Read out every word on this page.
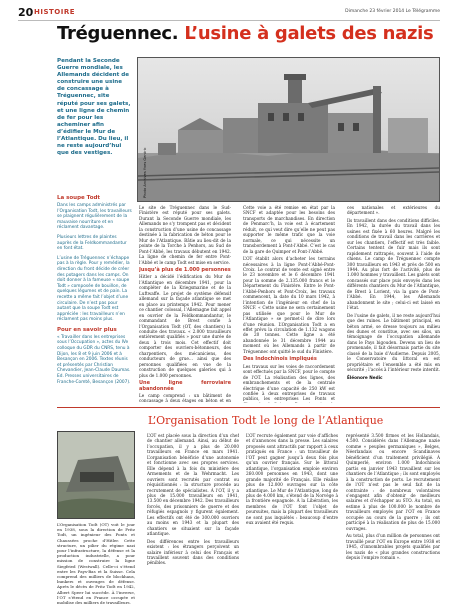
20 HISTOIRE	Dimanche 23 février 2014 Le Télégramme
Tréguennec. L’usine à galets des nazis
Pendant la Seconde Guerre mondiale, les Allemands décident de construire une usine de concassage à Tréguennec, site réputé pour ses galets, et une ligne de chemin de fer pour les acheminer afin d’édifier le Mur de l’Atlantique. Du lieu, il ne reste aujourd’hui que des vestiges.	Photo Archives Yves Gentric
La soupe Todt

Dans les camps administrés par l’Organisation Todt, les travailleurs se plaignent régulièrement de la mauvaise nourriture et en réclament davantage.

Plusieurs lettres de plaintes auprès de la Feldkommandantur en font état.

L’usine de Tréguennec n’échappe pas à la règle. Pour y remédier, la direction du front décide de créer des potagers dans les camps. On doit donner à la fameuse « soupe Todt » composée de bouillon, de quelques légumes et de pain. La recette a même fait l’objet d’une circulaire. De n’est pas pour autant que la soupe Todt est appréciée : les travailleurs n’en réclament pas moins plus.

Pour en savoir plus

« Travailler dans les entreprises sous l’Occupation », actes du IVe colloque du GDR du CNRS, tenu à Dijon, les 8 et 9 juin 2006 et à Besançon en 2006. Textes réunis et présentés par Christian Chevandier, Jean-Claude Daumas. Ed. Presses universitaires de Franche-Comté, Besançon (2007).

Le site de Tréguennec dans le Sud-Finistère est réputé pour ses galets. Durant la Seconde Guerre mondiale, les Allemands ne s’y trompent pas et décident la construction d’une usine de concassage destinée à la fabrication de béton pour le Mur de l’Atlantique. Bâtie au lieu-dit de la pointe de la Torche à Penhors, au Sud de Pont-l’Abbé, les travaux débutent en 1942. La ligne de chemin de fer entre Pont-l’Abbé et le camp Todt est mise en service.

Jusqu’à plus de 1.000 personnes

Hitler a décidé l’édification du Mur de l’Atlantique en décembre 1941, pour la compléter de la Kriegsmarine et de la Luftwaffe. Le projet de système défensif allemand sur la façade atlantique se met en place au printemps 1942. Pour mener ce chantier colossal, l’Allemagne fait appel en ouvrier de la Feldkommandantur, le commandant de Brest confie à l’Organisation Todt (OT, des chantiers) la conduite des travaux. « 2.000 travailleurs entièrement qualifiés » pour une durée de deux à trois mois. Cet effectif doit comporter des ouvriers-bétonneurs, des charpentiers, des mécaniciens, des conducteurs de grue... ainsi que des personnes qualifiées en vue de la construction de quelques galeries qui à plus de 1.000 personnes.

Une ligne ferroviaire abandonnée

Le camp comprend : un bâtiment de concassage à deux étages en béton et en

Cette voie a été remise en état par la SNCF et adaptée pour les besoins des transports de marchandises. En direction de Penmarc’h, la voie est à écartement réduit, ce qui veut dire qu’elle ne peut pas supporter le même trafic que la voie normale, ce qui nécessite un transbordement à Pont-l’Abbé. C’est le cas de la gare de Quimper et Pont-l’Abbé.

L’OT établit alors d’acheter les terrains nécessaires à la ligne Pont-l’Abbé-Pont-Croix. Le contrat de vente est signé entre le 23 novembre et le 6 décembre 1941 pour la somme de 2.135.000 francs et le Département du Finistère. Entre le Pont-l’Abbé-Penhors et Pont-Croix, les travaux commencent, la date du 10 mars 1942, à l’intention de l’ingénieur en chef de la SNCF. « Cette usine ne sera certainement pas utilisée que pour le Mur de l’Atlantique » se permet-il de dire lors d’une réunion. L’Organisation Todt a en effet prévu la circulation de 1.132 wagons de 20 tonnes. Cette ligne a été abandonnée le 31 décembre 1944 au moment où les Allemands à partir de Tréguennec ont quitté le sud du Finistère.

Des Indochinois impliqués

Les travaux sur les voies de raccordement sont effectués par la SNCF, pour le compte de l’OT. La réalisation des lignes, des embranchements et de la centrale électrique d’une capacité de 250 kW est confiée à deux entreprises de travaux publics, les entreprises Les Ponts et

ces nationales et extérieures du département ».

Ils travaillent dans des conditions difficiles. En 1942, la durée du travail dans les usines est fixée à 60 heures. Malgré les conditions de travail dans les carrières et sur les chantiers, l’effectif est très faible. Certains tentent de fuir mais ils sont rapidement rattrapés, souvent à l’aide de chiens. Le camp de Tréguennec compte 300 travailleurs en 1943 et près de 500 en 1944. Au plus fort de l’activité, plus de 1.000 hommes y travaillent. Les galets sont concassés sur place puis envoyés dans les différents chantiers du Mur de l’Atlantique, de Brest à Lorient, via la gare de Pont-l’Abbé. En 1944, les Allemands abandonnent le site ; celui-ci est laissé en l’état.

De l’usine de galets, il ne reste aujourd’hui que des ruines. Le bâtiment principal, en béton armé, se dresse toujours au milieu des dunes et constitue, avec ses silos, un témoignage de l’occupation allemande dans le Pays bigouden. Devenu un lieu de promenade, il fait désormais partie du site classé de la baie d’Audierne. Depuis 2005, le Conservatoire du littoral en est propriétaire et l’ensemble a été mis en sécurité ; l’accès à l’intérieur reste interdit.

Éléonore Nedic

L’Organisation Todt le long de l’Atlantique
L’Organisation Todt (OT) voit le jour en 1938, sous la direction de Fritz Todt, un ingénieur des Ponts et Chaussées proche d’Hitler. Cette structure, un pilier du régime nazi pour l’infrastructure, la défense et la production industrielle, a pour mission de construire la ligne Siegfried (Westwall). Celle-ci s’étend entre les Pays-Bas et la Suisse. Cela comprend des milliers de blockhaus, bunkers et ouvrages de défense. Après le décès de Fritz Todt en 1942, Albert Speer lui succède. À l’inverse, l’OT s’étend en France occupée et mobilise des milliers de travailleurs.

L’OT est placée sous la direction d’un chef de chantier allemand. Ainsi, au début de l’occupation, il y a plus de 20.000 travailleurs en France en mars 1941. L’organisation bénéficie d’une autonomie et fonctionne avec ses propres services. Elle dépend à la fois du ministère des Armements et de la Wehrmacht. Les ouvriers sont recrutés par contrat ou réquisitionnés : la structure procède au recrutement de spécialistes. À l’OT, il y a plus de 15.000 travailleurs en 1941, 13.500 en décembre 1942. Des travailleurs forcés, des prisonniers de guerre et des réfugiés espagnols y figurent également. Les effectifs ont été de 300.000 ouvriers au moins en 1943 et la plupart des chantiers se situaient sur la façade atlantique.

Des différences entre les travailleurs existent : les étrangers perçoivent un salaire inférieur à celui des Français et travaillent souvent dans des conditions pénibles.

L’OT recrute également par voie d’affiches et d’annonces dans la presse. Les salaires proposés sont attractifs par rapport à ceux pratiqués en France : un travailleur de l’OT peut gagner jusqu’à deux fois plus qu’un ouvrier français. Sur le littoral atlantique, l’organisation emploie environ 260.000 personnes en 1943, dont une grande majorité de Français. Elle réalise plus de 12.000 ouvrages sur la côte atlantique. Le Mur de l’Atlantique, long de plus de 4.000 km, s’étend de la Norvège à la frontière espagnole. À la Libération, les membres de l’OT font l’objet de poursuites, mais la plupart des travailleurs ne sont pas inquiétés : beaucoup d’entre eux avaient été requis.

représenté 3.500 firmes et les Hollandais, 4.500. Considérés dans l’Allemagne nazie comme « peuples germaniques », Belges, Néerlandais ou encore Scandinaves bénéficient d’un traitement privilégié. À Quimperlé, environ 1.000 Indochinois partis en janvier 1943 travaillent sur les chantiers de l’Atlantique ; ils sont employés à la construction de ports. Le recrutement de l’OT n’est pas le seul fait de la contrainte : de nombreux volontaires s’engagent afin d’obtenir de meilleurs salaires et d’échapper au STO. Au total, on estime à plus de 100.000 le nombre de travailleurs employés par l’OT en France occupée au cours de la guerre ; ils ont participé à la réalisation de plus de 15.000 ouvrages.

Au total, plus d’un million de personnes ont travaillé pour l’OT en Europe entre 1938 et 1945, d’innombrables projets qualifiés par les nazis de « plus grandes constructions depuis l’empire romain ».
